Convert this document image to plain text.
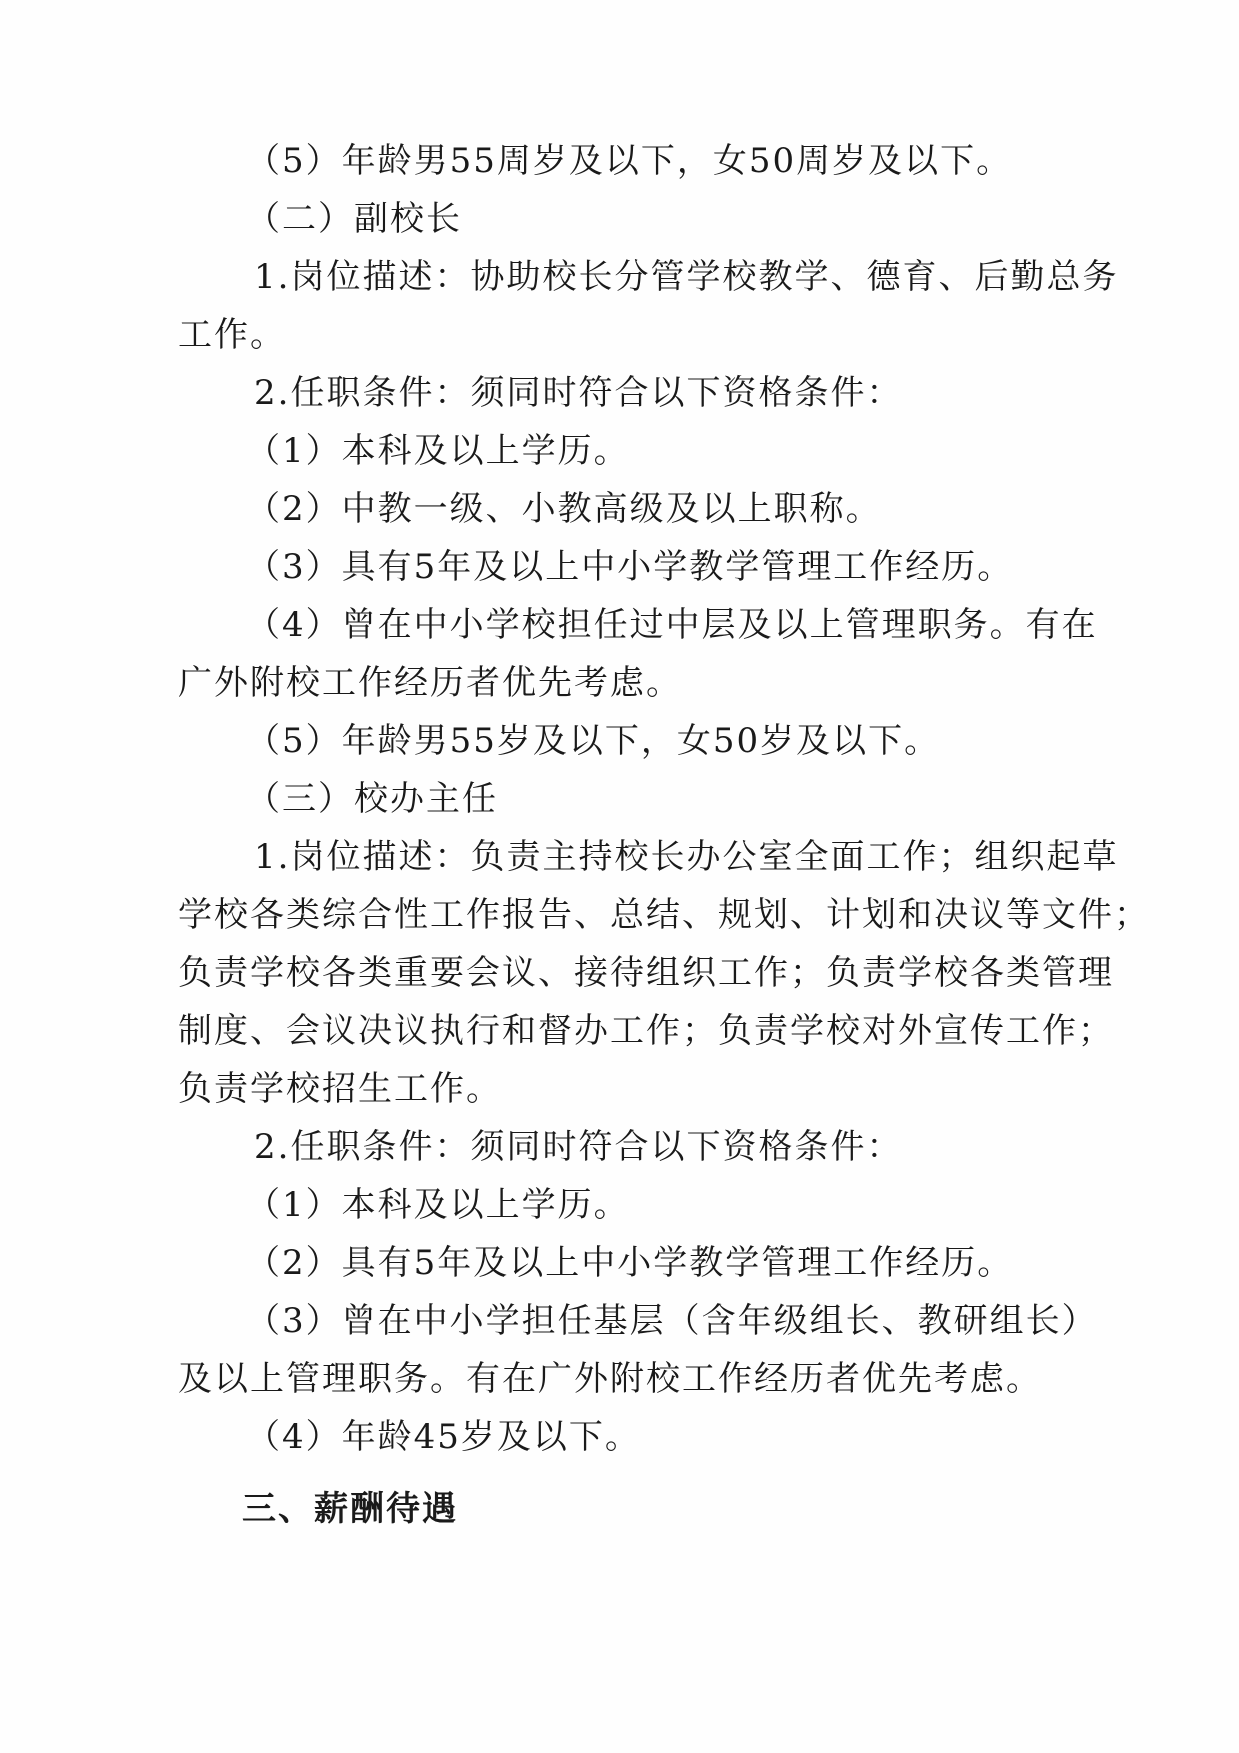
（5）年龄男55周岁及以下，女50周岁及以下。

（二）副校长

1.岗位描述：协助校长分管学校教学、德育、后勤总务

工作。

2.任职条件：须同时符合以下资格条件：

（1）本科及以上学历。

（2）中教一级、小教高级及以上职称。

（3）具有5年及以上中小学教学管理工作经历。

（4）曾在中小学校担任过中层及以上管理职务。有在

广外附校工作经历者优先考虑。

（5）年龄男55岁及以下，女50岁及以下。

（三）校办主任

1.岗位描述：负责主持校长办公室全面工作；组织起草

学校各类综合性工作报告、总结、规划、计划和决议等文件；

负责学校各类重要会议、接待组织工作；负责学校各类管理

制度、会议决议执行和督办工作；负责学校对外宣传工作；

负责学校招生工作。

2.任职条件：须同时符合以下资格条件：

（1）本科及以上学历。

（2）具有5年及以上中小学教学管理工作经历。

（3）曾在中小学担任基层（含年级组长、教研组长）

及以上管理职务。有在广外附校工作经历者优先考虑。

（4）年龄45岁及以下。

三、薪酬待遇
